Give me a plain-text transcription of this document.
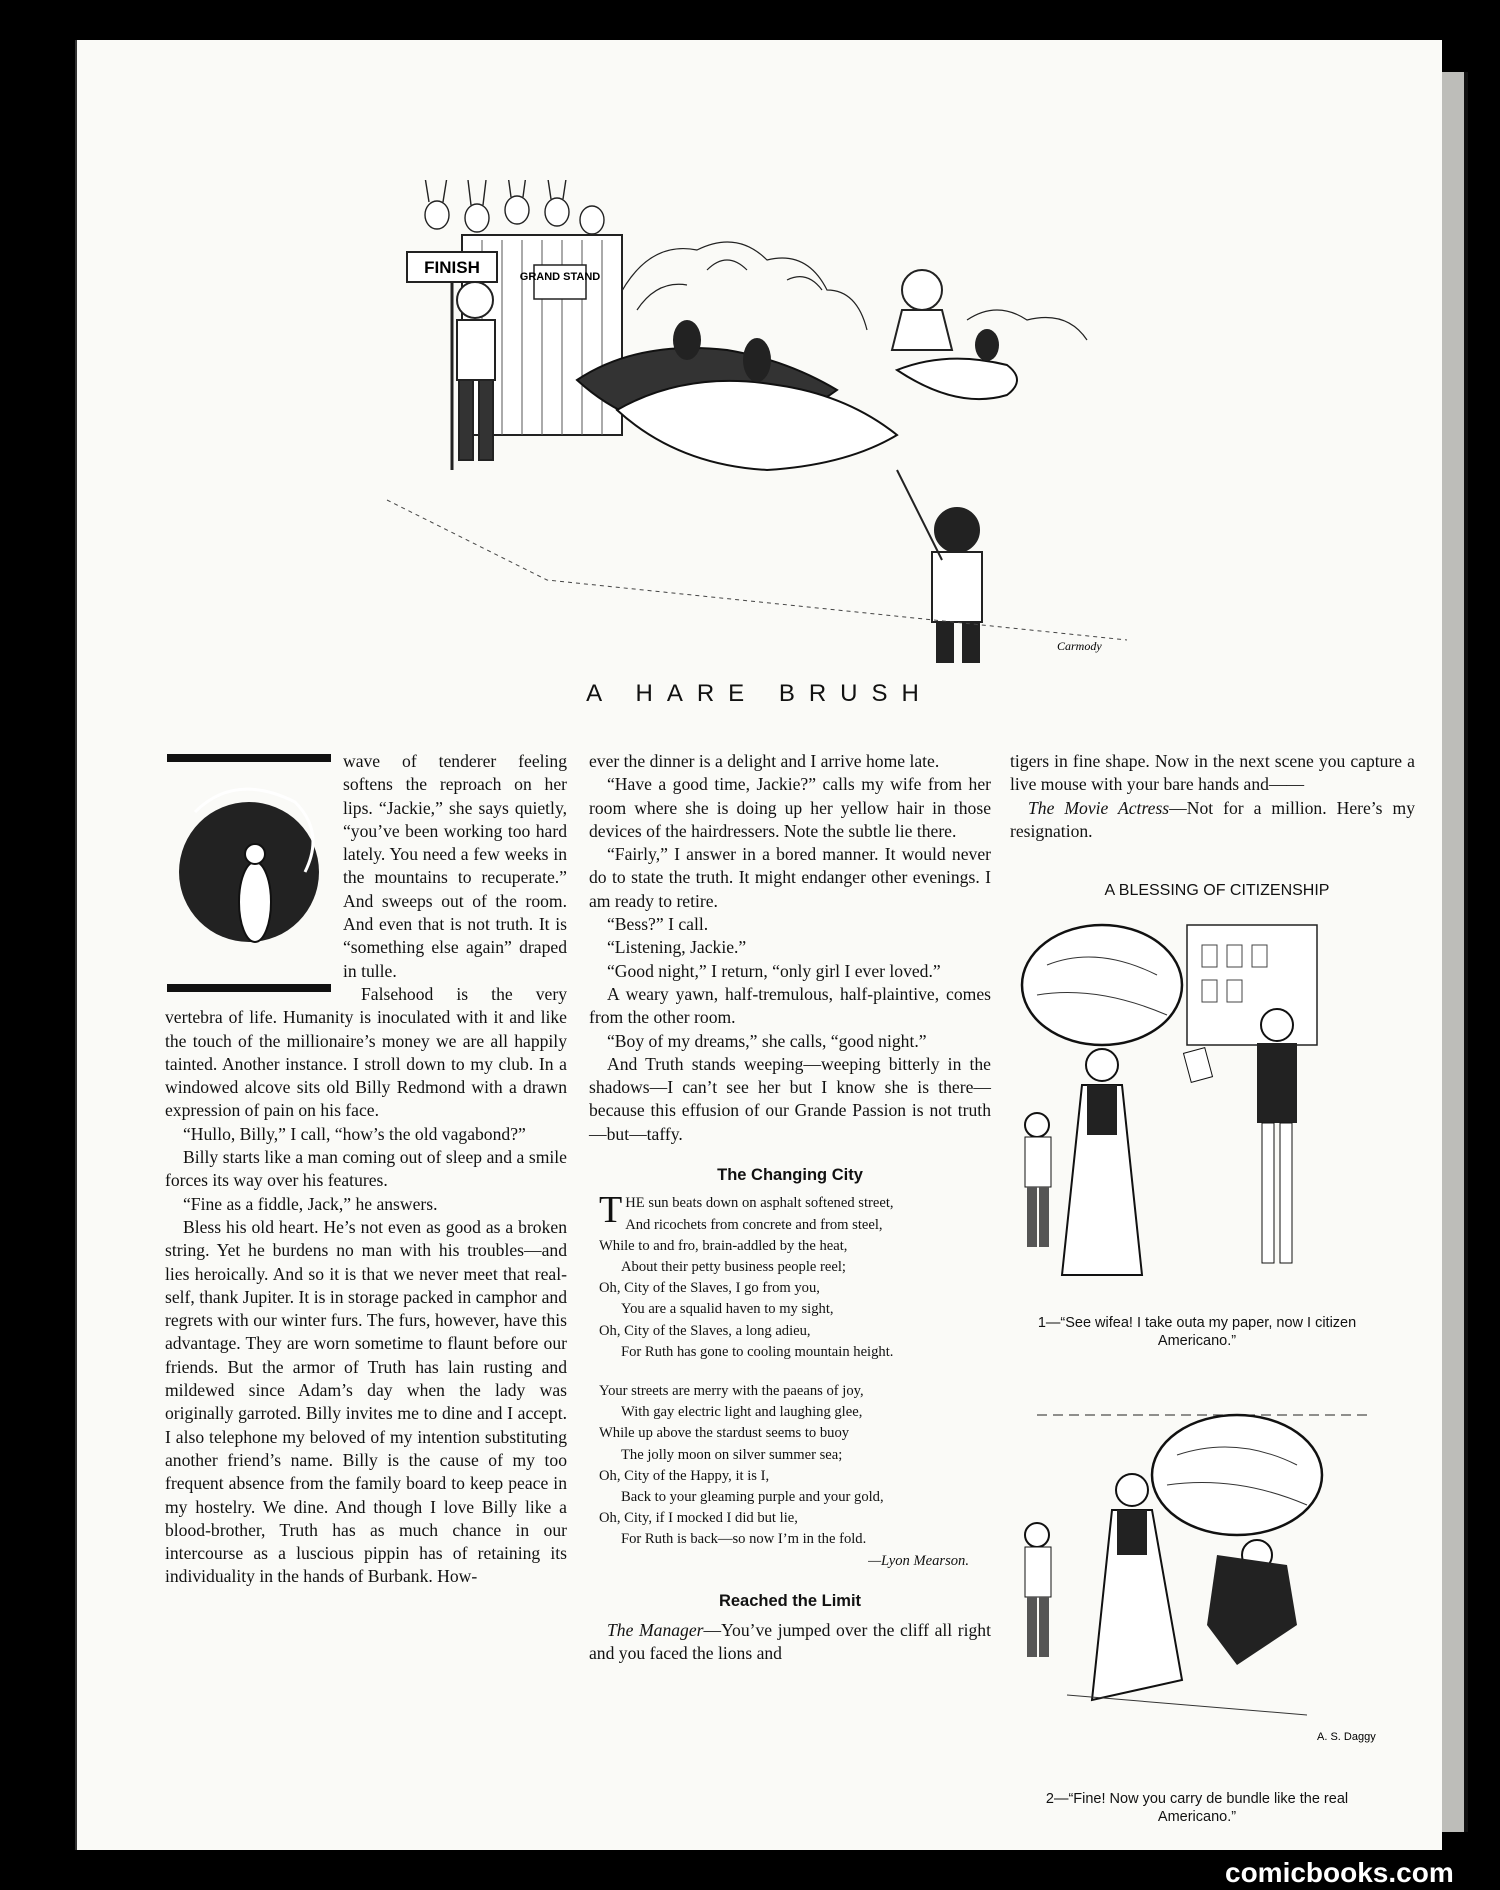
GRAND STAND
FINISH
Carmody
A HARE BRUSH

wave of tenderer feeling softens the reproach on her lips. “Jackie,” she says quietly, “you’ve been working too hard lately. You need a few weeks in the mountains to recuperate.” And sweeps out of the room. And even that is not truth. It is “something else again” draped in tulle.

Falsehood is the very vertebra of life. Humanity is inoculated with it and like the touch of the millionaire’s money we are all happily tainted. Another instance. I stroll down to my club. In a windowed alcove sits old Billy Redmond with a drawn expression of pain on his face.

“Hullo, Billy,” I call, “how’s the old vagabond?”

Billy starts like a man coming out of sleep and a smile forces its way over his features.

“Fine as a fiddle, Jack,” he answers.

Bless his old heart. He’s not even as good as a broken string. Yet he burdens no man with his troubles—and lies heroically. And so it is that we never meet that real-self, thank Jupiter. It is in storage packed in camphor and regrets with our winter furs. The furs, however, have this advantage. They are worn sometime to flaunt before our friends. But the armor of Truth has lain rusting and mildewed since Adam’s day when the lady was originally garroted. Billy invites me to dine and I accept. I also telephone my beloved of my intention substituting another friend’s name. Billy is the cause of my too frequent absence from the family board to keep peace in my hostelry. We dine. And though I love Billy like a blood-brother, Truth has as much chance in our intercourse as a luscious pippin has of retaining its individuality in the hands of Burbank. How-

ever the dinner is a delight and I arrive home late.

“Have a good time, Jackie?” calls my wife from her room where she is doing up her yellow hair in those devices of the hairdressers. Note the subtle lie there.

“Fairly,” I answer in a bored manner. It would never do to state the truth. It might endanger other evenings. I am ready to retire.

“Bess?” I call.

“Listening, Jackie.”

“Good night,” I return, “only girl I ever loved.”

A weary yawn, half-tremulous, half-plaintive, comes from the other room.

“Boy of my dreams,” she calls, “good night.”

And Truth stands weeping—weeping bitterly in the shadows—I can’t see her but I know she is there—because this effusion of our Grande Passion is not truth—but—taffy.

The Changing City
T HE sun beats down on asphalt softened street,
And ricochets from concrete and from steel,
While to and fro, brain-addled by the heat,
About their petty business people reel;
Oh, City of the Slaves, I go from you,
You are a squalid haven to my sight,
Oh, City of the Slaves, a long adieu,
For Ruth has gone to cooling mountain height.
Your streets are merry with the paeans of joy,
With gay electric light and laughing glee,
While up above the stardust seems to buoy
The jolly moon on silver summer sea;
Oh, City of the Happy, it is I,
Back to your gleaming purple and your gold,
Oh, City, if I mocked I did but lie,
For Ruth is back—so now I’m in the fold.
—Lyon Mearson.
Reached the Limit

The Manager—You’ve jumped over the cliff all right and you faced the lions and

tigers in fine shape. Now in the next scene you capture a live mouse with your bare hands and——

The Movie Actress—Not for a million. Here’s my resignation.

A BLESSING OF CITIZENSHIP
1—“See wifea! I take outa my paper, now I citizen Americano.”
A. S. Daggy
2—“Fine! Now you carry de bundle like the real Americano.”
comicbooks.com
